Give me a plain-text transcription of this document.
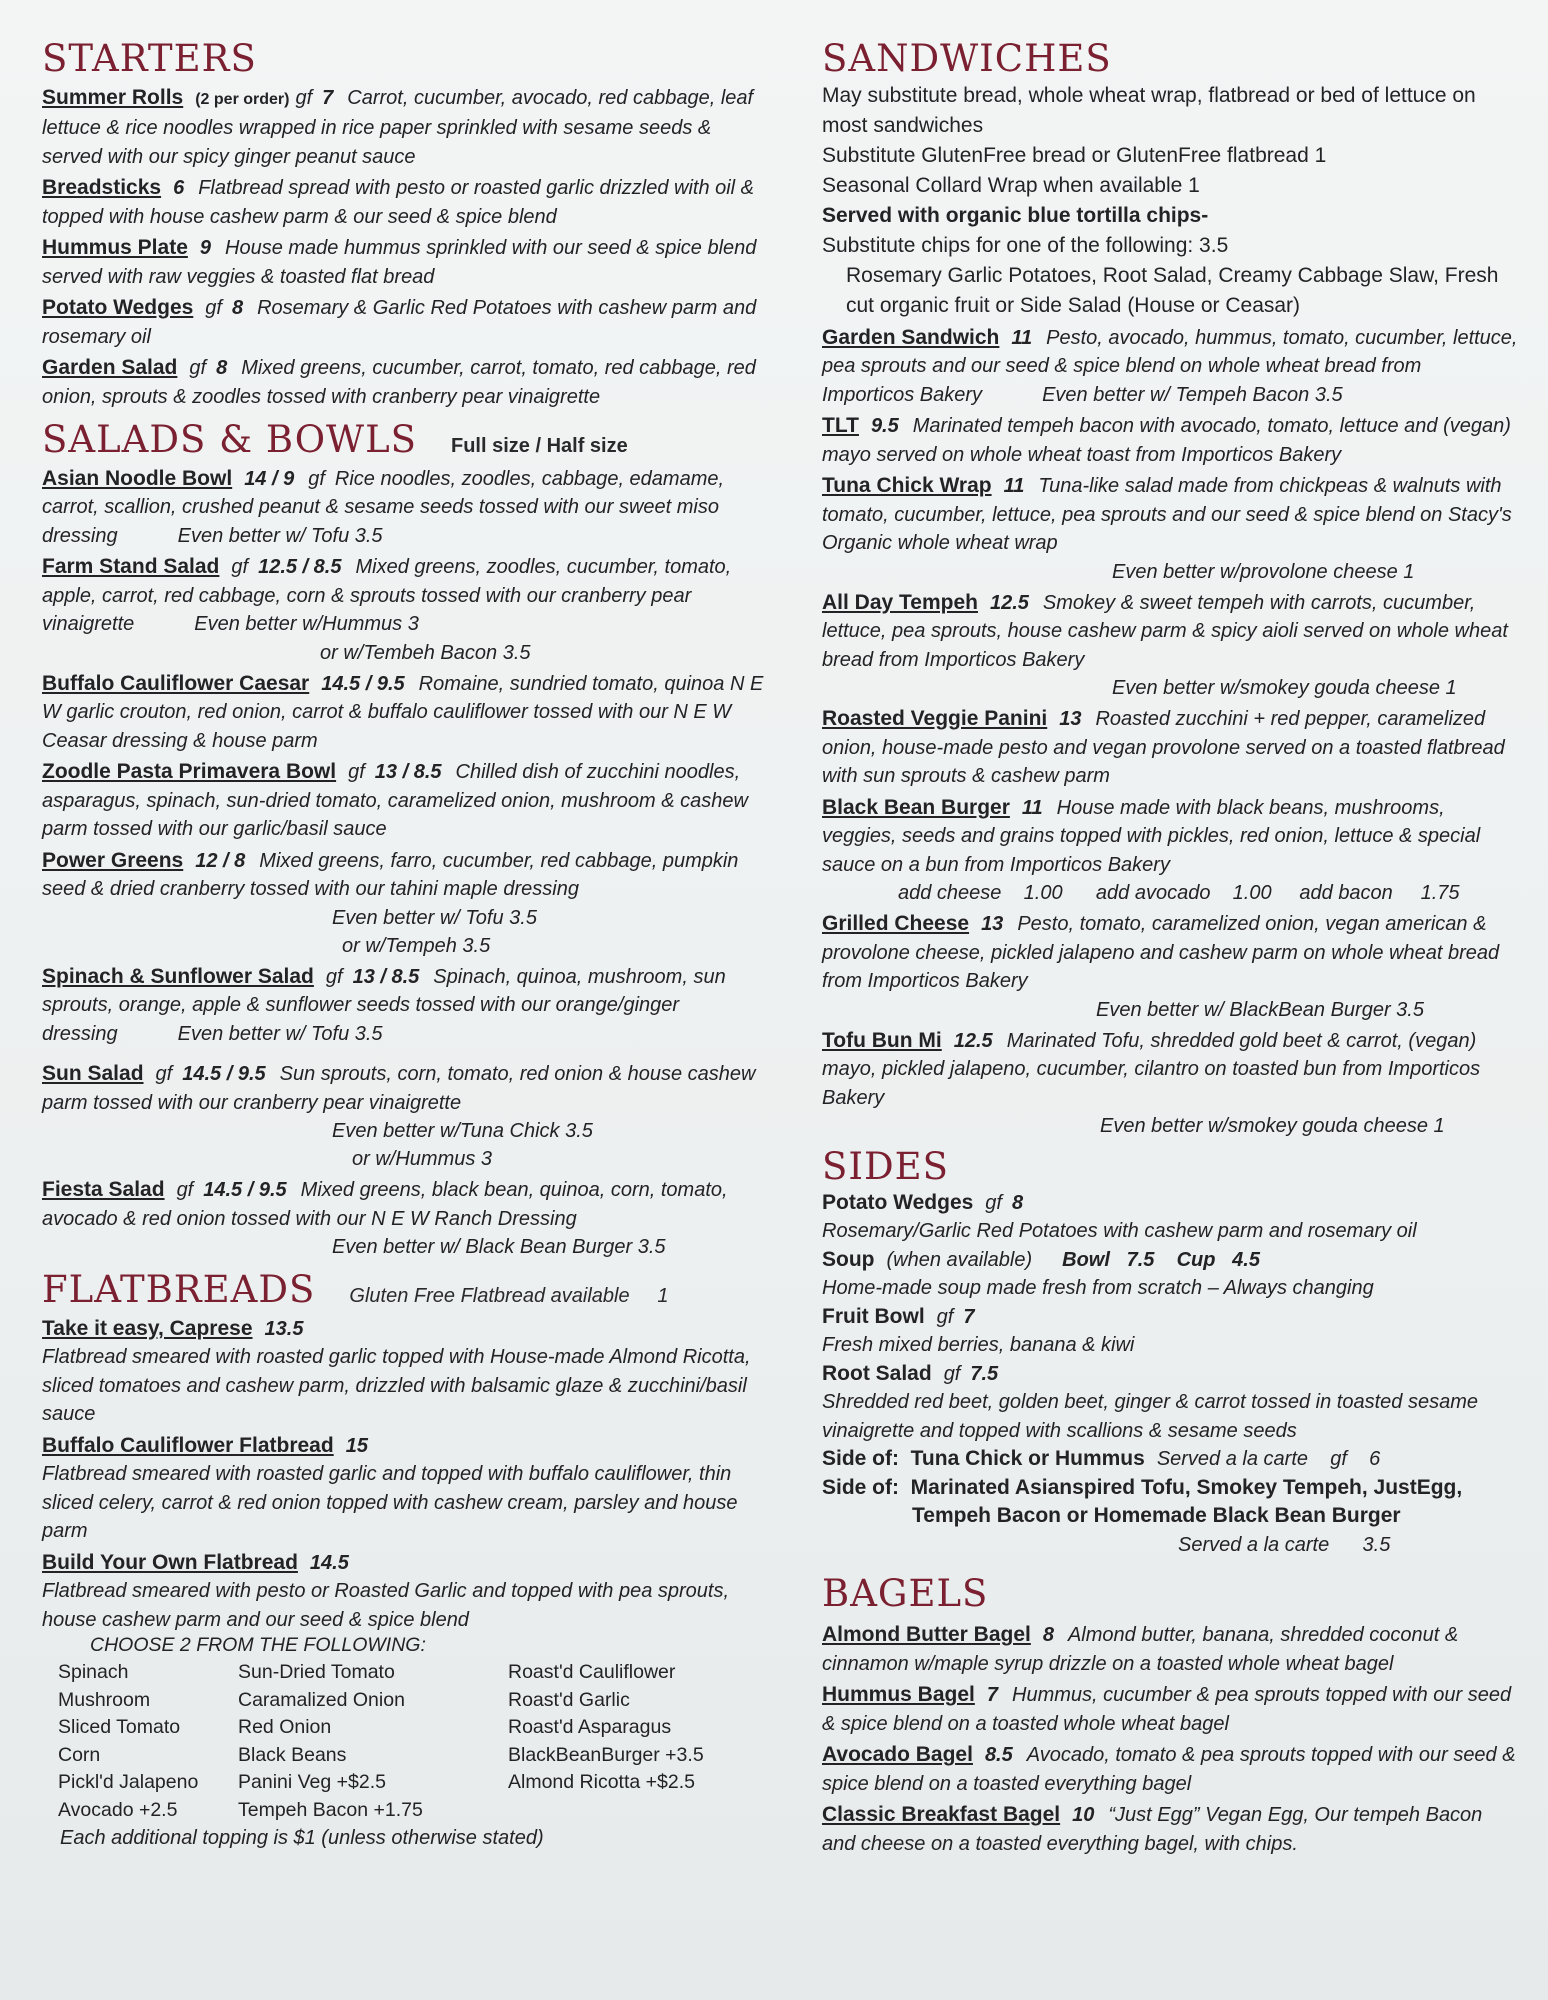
STARTERS
Summer Rolls (2 per order) gf 7 Carrot, cucumber, avocado, red cabbage, leaf lettuce & rice noodles wrapped in rice paper sprinkled with sesame seeds & served with our spicy ginger peanut sauce
Breadsticks 6 Flatbread spread with pesto or roasted garlic drizzled with oil & topped with house cashew parm & our seed & spice blend
Hummus Plate 9 House made hummus sprinkled with our seed & spice blend served with raw veggies & toasted flat bread
Potato Wedges gf 8 Rosemary & Garlic Red Potatoes with cashew parm and rosemary oil
Garden Salad gf 8 Mixed greens, cucumber, carrot, tomato, red cabbage, red onion, sprouts & zoodles tossed with cranberry pear vinaigrette
SALADS & BOWLS Full size / Half size
Asian Noodle Bowl 14 / 9 gf Rice noodles, zoodles, cabbage, edamame, carrot, scallion, crushed peanut & sesame seeds tossed with our sweet miso dressing	Even better w/ Tofu 3.5
Farm Stand Salad gf 12.5 / 8.5 Mixed greens, zoodles, cucumber, tomato, apple, carrot, red cabbage, corn & sprouts tossed with our cranberry pear vinaigrette	Even better w/Hummus 3
or w/Tembeh Bacon 3.5
Buffalo Cauliflower Caesar 14.5 / 9.5 Romaine, sundried tomato, quinoa N E W garlic crouton, red onion, carrot & buffalo cauliflower tossed with our N E W Ceasar dressing & house parm
Zoodle Pasta Primavera Bowl gf 13 / 8.5 Chilled dish of zucchini noodles, asparagus, spinach, sun-dried tomato, caramelized onion, mushroom & cashew parm tossed with our garlic/basil sauce
Power Greens 12 / 8 Mixed greens, farro, cucumber, red cabbage, pumpkin seed & dried cranberry tossed with our tahini maple dressing
Even better w/ Tofu 3.5
or w/Tempeh 3.5
Spinach & Sunflower Salad gf 13 / 8.5 Spinach, quinoa, mushroom, sun sprouts, orange, apple & sunflower seeds tossed with our orange/ginger dressing	Even better w/ Tofu 3.5
Sun Salad gf 14.5 / 9.5 Sun sprouts, corn, tomato, red onion & house cashew parm tossed with our cranberry pear vinaigrette
Even better w/Tuna Chick 3.5
or w/Hummus 3
Fiesta Salad gf 14.5 / 9.5 Mixed greens, black bean, quinoa, corn, tomato, avocado & red onion tossed with our N E W Ranch Dressing
Even better w/ Black Bean Burger 3.5
FLATBREADS Gluten Free Flatbread available     1
Take it easy, Caprese 13.5
Flatbread smeared with roasted garlic topped with House-made Almond Ricotta, sliced tomatoes and cashew parm, drizzled with balsamic glaze & zucchini/basil sauce
Buffalo Cauliflower Flatbread 15
Flatbread smeared with roasted garlic and topped with buffalo cauliflower, thin sliced celery, carrot & red onion topped with cashew cream, parsley and house parm
Build Your Own Flatbread 14.5
Flatbread smeared with pesto or Roasted Garlic and topped with pea sprouts, house cashew parm and our seed & spice blend
CHOOSE 2 FROM THE FOLLOWING:
Spinach	Sun-Dried Tomato	Roast'd Cauliflower
Mushroom	Caramalized Onion	Roast'd Garlic
Sliced Tomato	Red Onion	Roast'd Asparagus
Corn	Black Beans	BlackBeanBurger +3.5
Pickl'd Jalapeno	Panini Veg +$2.5	Almond Ricotta +$2.5
Avocado +2.5	Tempeh Bacon +1.75
Each additional topping is $1 (unless otherwise stated)
SANDWICHES
May substitute bread, whole wheat wrap, flatbread or bed of lettuce on most sandwiches
Substitute GlutenFree bread or GlutenFree flatbread 1
Seasonal Collard Wrap when available 1
Served with organic blue tortilla chips-
Substitute chips for one of the following: 3.5
Rosemary Garlic Potatoes, Root Salad, Creamy Cabbage Slaw, Fresh cut organic fruit or Side Salad (House or Ceasar)
Garden Sandwich 11 Pesto, avocado, hummus, tomato, cucumber, lettuce, pea sprouts and our seed & spice blend on whole wheat bread from Importicos Bakery	Even better w/ Tempeh Bacon 3.5
TLT 9.5 Marinated tempeh bacon with avocado, tomato, lettuce and (vegan) mayo served on whole wheat toast from Importicos Bakery
Tuna Chick Wrap 11 Tuna-like salad made from chickpeas & walnuts with tomato, cucumber, lettuce, pea sprouts and our seed & spice blend on Stacy's Organic whole wheat wrap
Even better w/provolone cheese 1
All Day Tempeh 12.5 Smokey & sweet tempeh with carrots, cucumber, lettuce, pea sprouts, house cashew parm & spicy aioli served on whole wheat bread from Importicos Bakery
Even better w/smokey gouda cheese 1
Roasted Veggie Panini 13 Roasted zucchini + red pepper, caramelized onion, house-made pesto and vegan provolone served on a toasted flatbread with sun sprouts & cashew parm
Black Bean Burger 11 House made with black beans, mushrooms, veggies, seeds and grains topped with pickles, red onion, lettuce & special sauce on a bun from Importicos Bakery
add cheese    1.00      add avocado    1.00     add bacon     1.75
Grilled Cheese 13 Pesto, tomato, caramelized onion, vegan american & provolone cheese, pickled jalapeno and cashew parm on whole wheat bread from Importicos Bakery
Even better w/ BlackBean Burger 3.5
Tofu Bun Mi 12.5 Marinated Tofu, shredded gold beet & carrot, (vegan) mayo, pickled jalapeno, cucumber, cilantro on toasted bun from Importicos Bakery
Even better w/smokey gouda cheese 1
SIDES
Potato Wedges gf 8
Rosemary/Garlic Red Potatoes with cashew parm and rosemary oil
Soup (when available) Bowl   7.5    Cup   4.5
Home-made soup made fresh from scratch – Always changing
Fruit Bowl gf 7
Fresh mixed berries, banana & kiwi
Root Salad gf 7.5
Shredded red beet, golden beet, ginger & carrot tossed in toasted sesame vinaigrette and topped with scallions & sesame seeds
Side of:  Tuna Chick or Hummus Served a la carte    gf    6
Side of:  Marinated Asianspired Tofu, Smokey Tempeh, JustEgg,
Tempeh Bacon or Homemade Black Bean Burger
Served a la carte      3.5
BAGELS
Almond Butter Bagel 8 Almond butter, banana, shredded coconut & cinnamon w/maple syrup drizzle on a toasted whole wheat bagel
Hummus Bagel 7 Hummus, cucumber & pea sprouts topped with our seed & spice blend on a toasted whole wheat bagel
Avocado Bagel 8.5 Avocado, tomato & pea sprouts topped with our seed & spice blend on a toasted everything bagel
Classic Breakfast Bagel 10 “Just Egg” Vegan Egg, Our tempeh Bacon and cheese on a toasted everything bagel, with chips.
